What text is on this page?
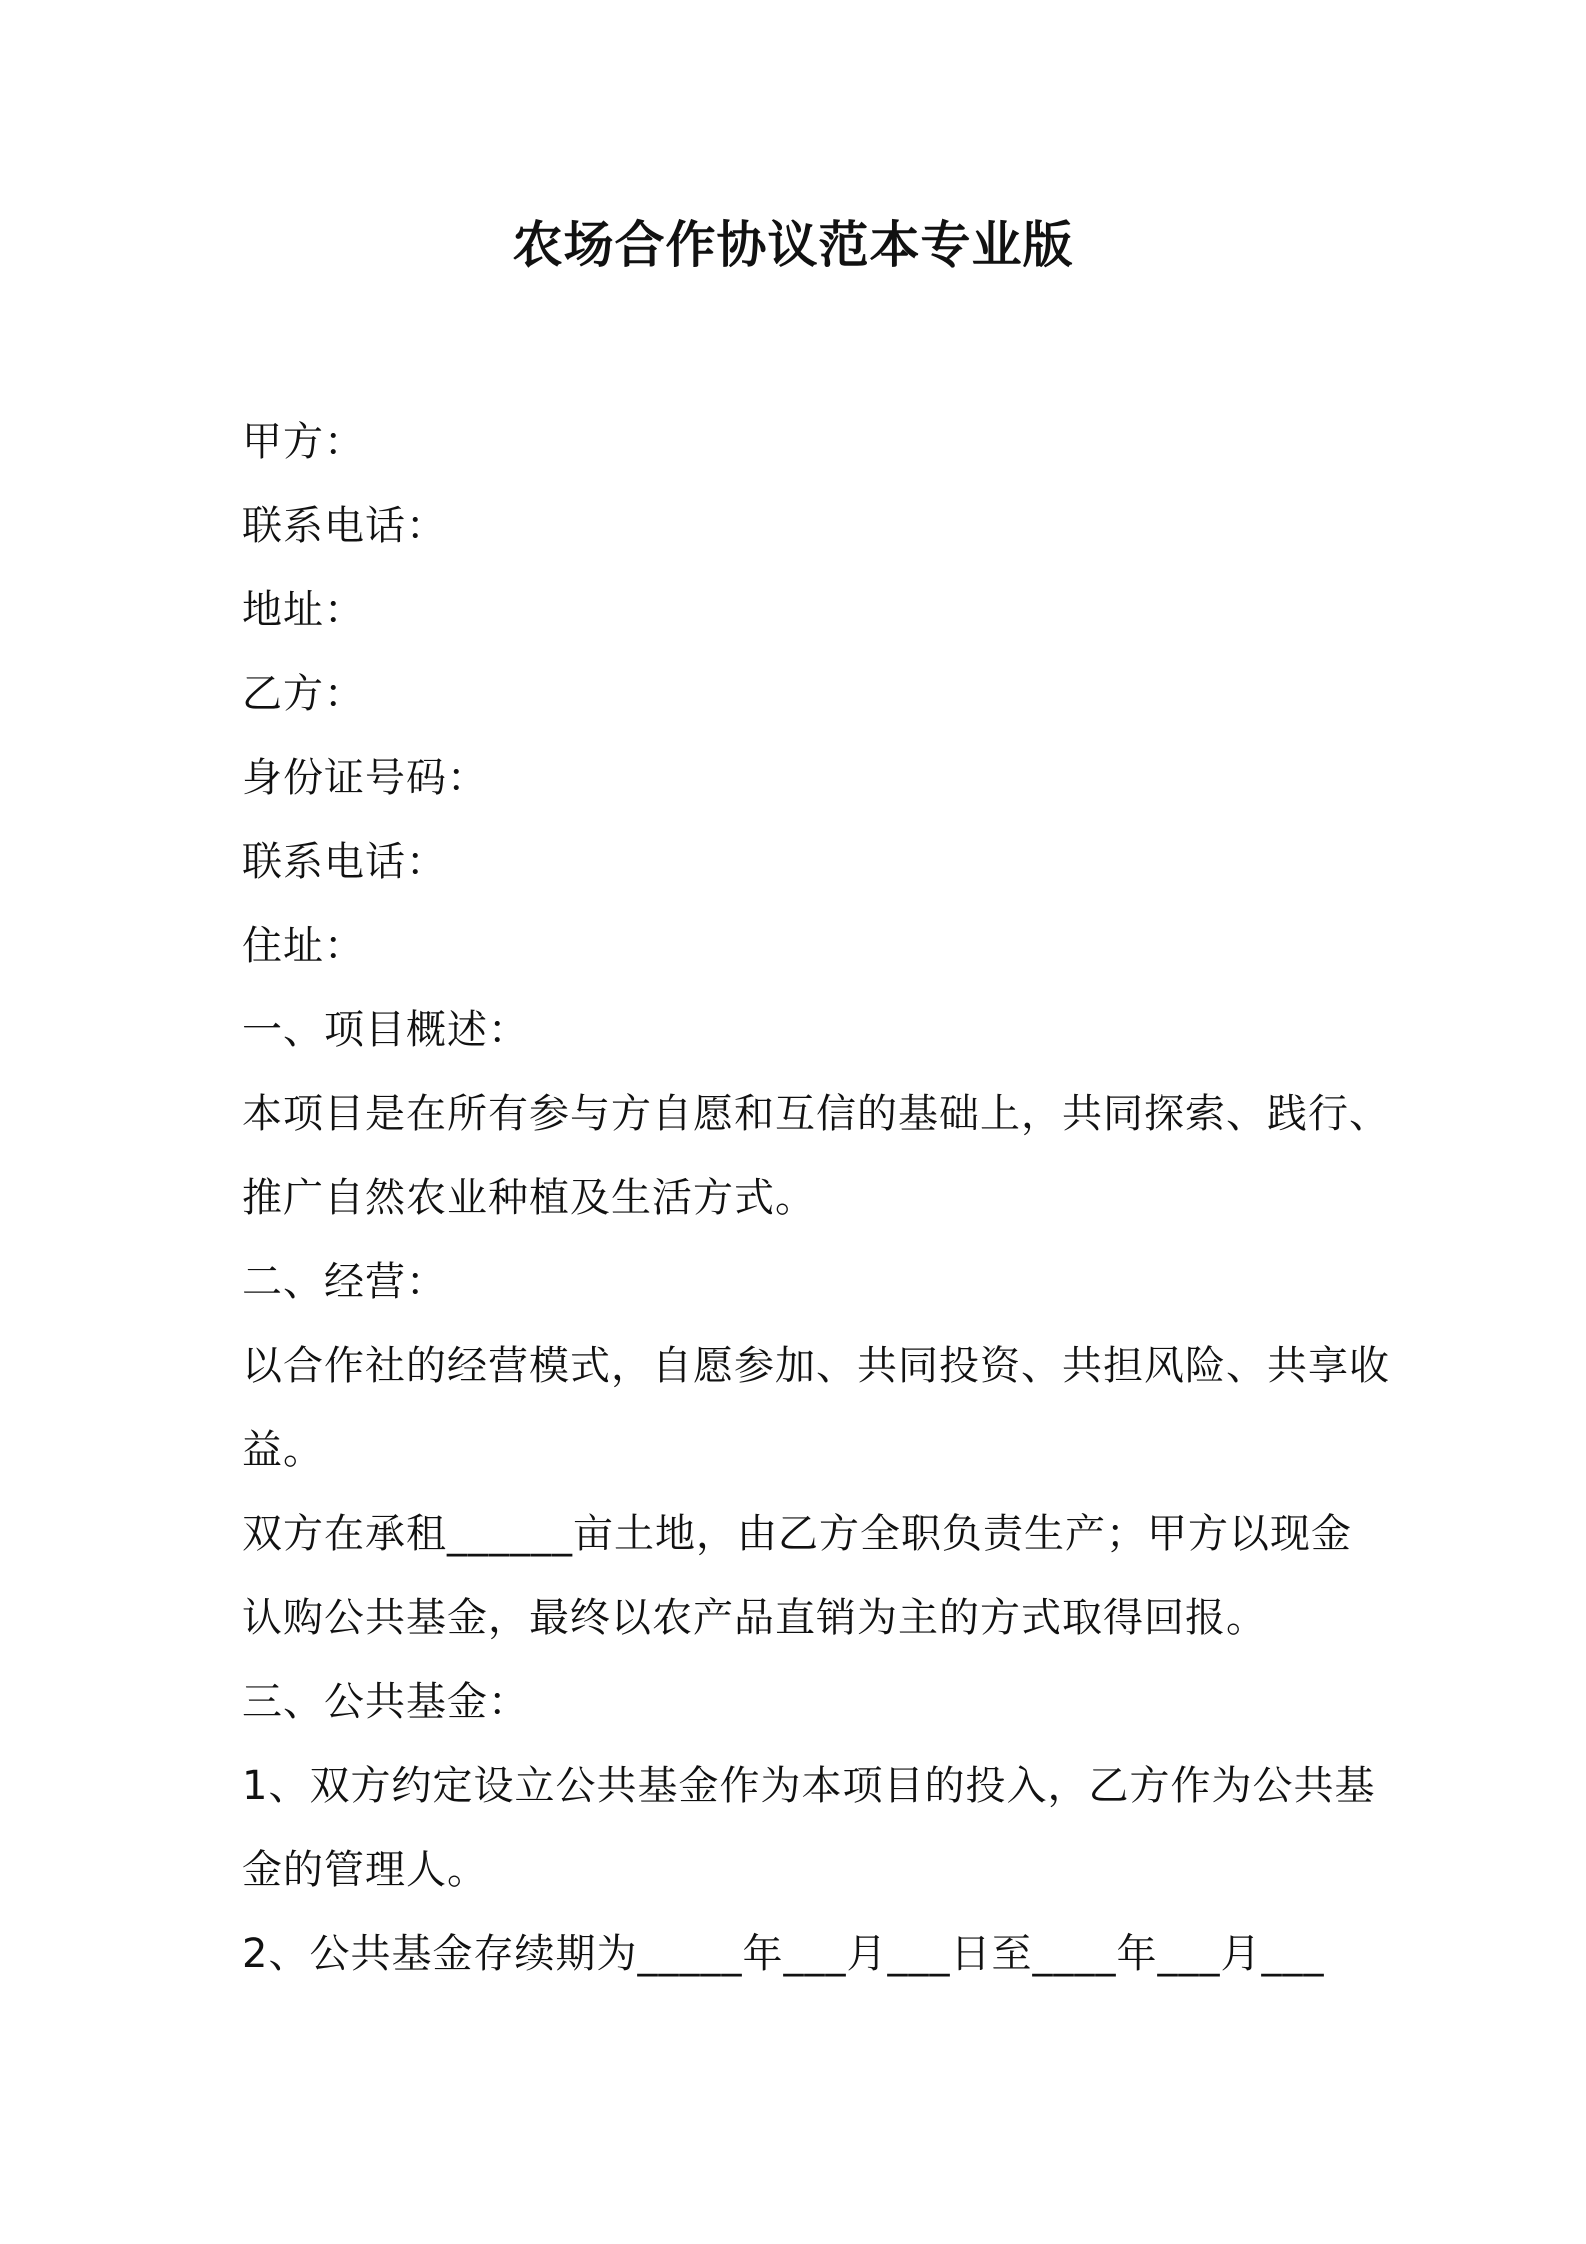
农场合作协议范本专业版
甲方：
联系电话：
地址：
乙方：
身份证号码：
联系电话：
住址：
一、项目概述：
本项目是在所有参与方自愿和互信的基础上，共同探索、践行、
推广自然农业种植及生活方式。
二、经营：
以合作社的经营模式，自愿参加、共同投资、共担风险、共享收
益。
双方在承租______亩土地，由乙方全职负责生产；甲方以现金
认购公共基金，最终以农产品直销为主的方式取得回报。
三、公共基金：
1、双方约定设立公共基金作为本项目的投入，乙方作为公共基
金的管理人。
2、公共基金存续期为_____年___月___日至____年___月___
